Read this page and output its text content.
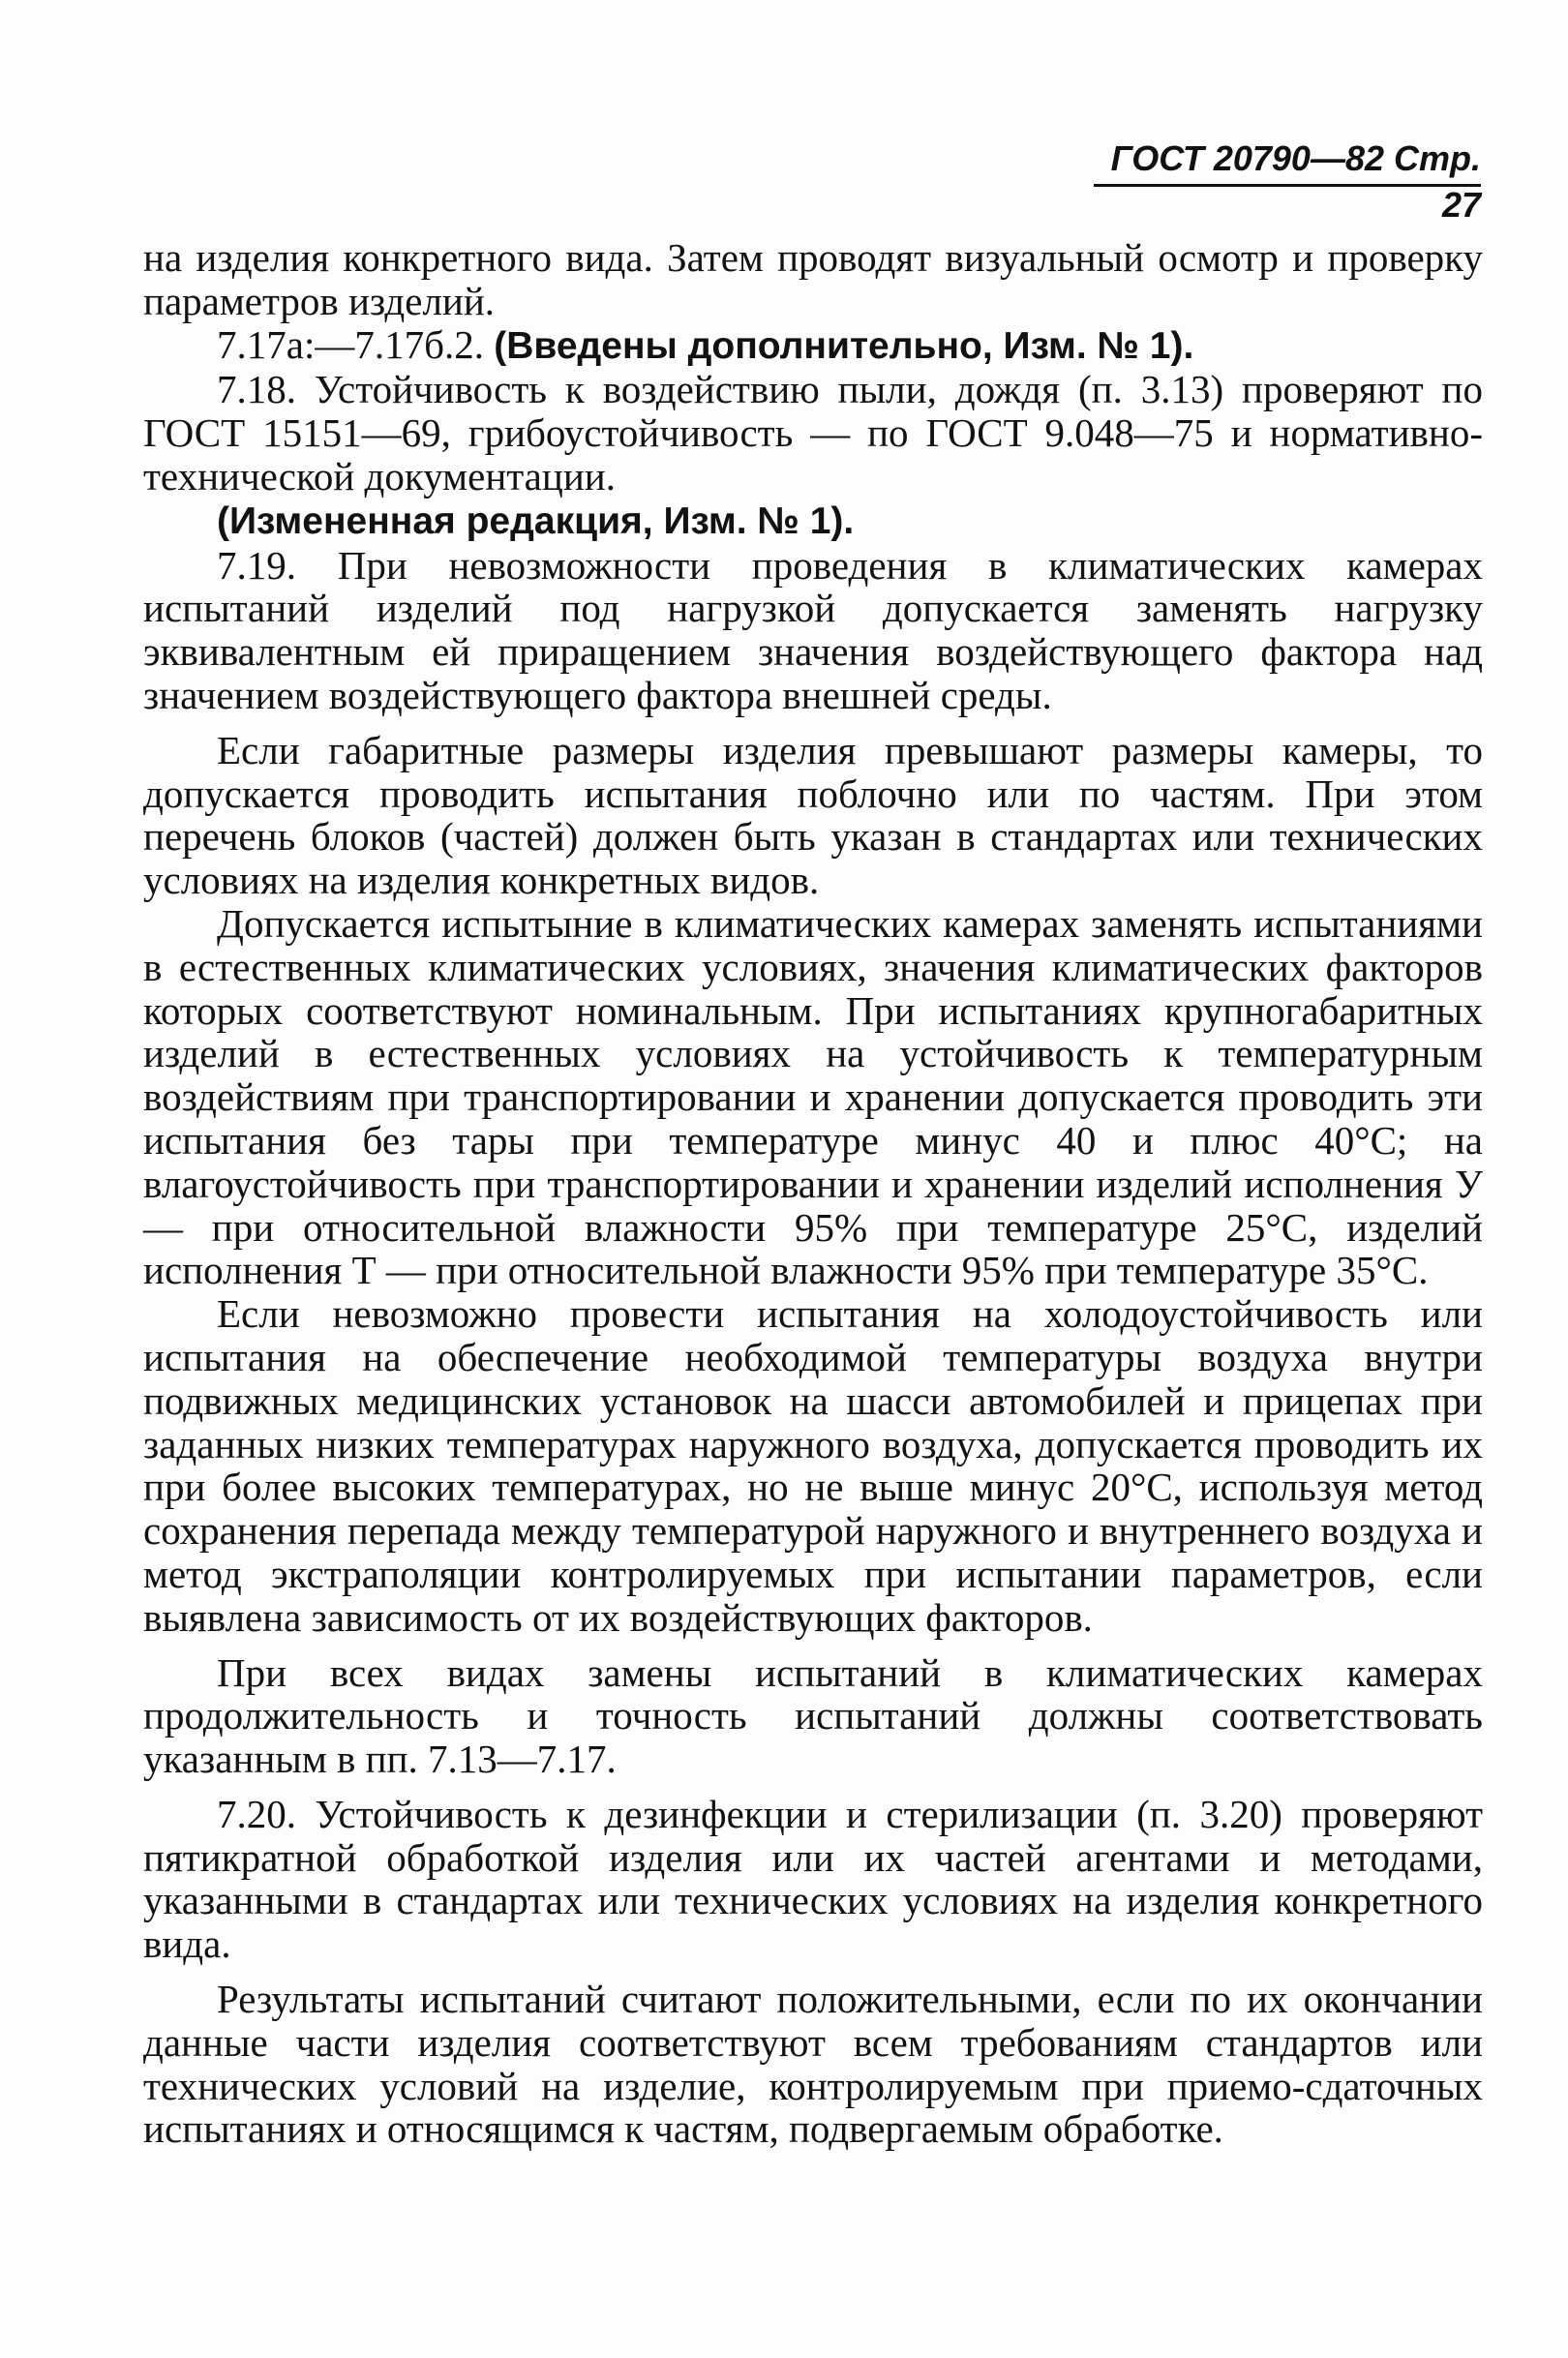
ГОСТ 20790—82 Стр. 27

на изделия конкретного вида. Затем проводят визуальный осмотр и проверку параметров изделий.

7.17а:—7.17б.2. (Введены дополнительно, Изм. № 1).

7.18. Устойчивость к воздействию пыли, дождя (п. 3.13) проверяют по ГОСТ 15151—69, грибоустойчивость — по ГОСТ 9.048—75 и нормативно-технической документации.

(Измененная редакция, Изм. № 1).

7.19. При невозможности проведения в климатических камерах испытаний изделий под нагрузкой допускается заменять нагрузку эквивалентным ей приращением значения воздействующего фактора над значением воздействующего фактора внешней среды.

Если габаритные размеры изделия превышают размеры камеры, то допускается проводить испытания поблочно или по частям. При этом перечень блоков (частей) должен быть указан в стандартах или технических условиях на изделия конкретных видов.

Допускается испытыние в климатических камерах заменять испытаниями в естественных климатических условиях, значения климатических факторов которых соответствуют номинальным. При испытаниях крупногабаритных изделий в естественных условиях на устойчивость к температурным воздействиям при транспортировании и хранении допускается проводить эти испытания без тары при температуре минус 40 и плюс 40°С; на влагоустойчивость при транспортировании и хранении изделий исполнения У — при относительной влажности 95% при температуре 25°С, изделий исполнения Т — при относительной влажности 95% при температуре 35°С.

Если невозможно провести испытания на холодоустойчивость или испытания на обеспечение необходимой температуры воздуха внутри подвижных медицинских установок на шасси автомобилей и прицепах при заданных низких температурах наружного воздуха, допускается проводить их при более высоких температурах, но не выше минус 20°С, используя метод сохранения перепада между температурой наружного и внутреннего воздуха и метод экстраполяции контролируемых при испытании параметров, если выявлена зависимость от их воздействующих факторов.

При всех видах замены испытаний в климатических камерах продолжительность и точность испытаний должны соответствовать указанным в пп. 7.13—7.17.

7.20. Устойчивость к дезинфекции и стерилизации (п. 3.20) проверяют пятикратной обработкой изделия или их частей агентами и методами, указанными в стандартах или технических условиях на изделия конкретного вида.

Результаты испытаний считают положительными, если по их окончании данные части изделия соответствуют всем требованиям стандартов или технических условий на изделие, контролируемым при приемо-сдаточных испытаниях и относящимся к частям, подвергаемым обработке.
